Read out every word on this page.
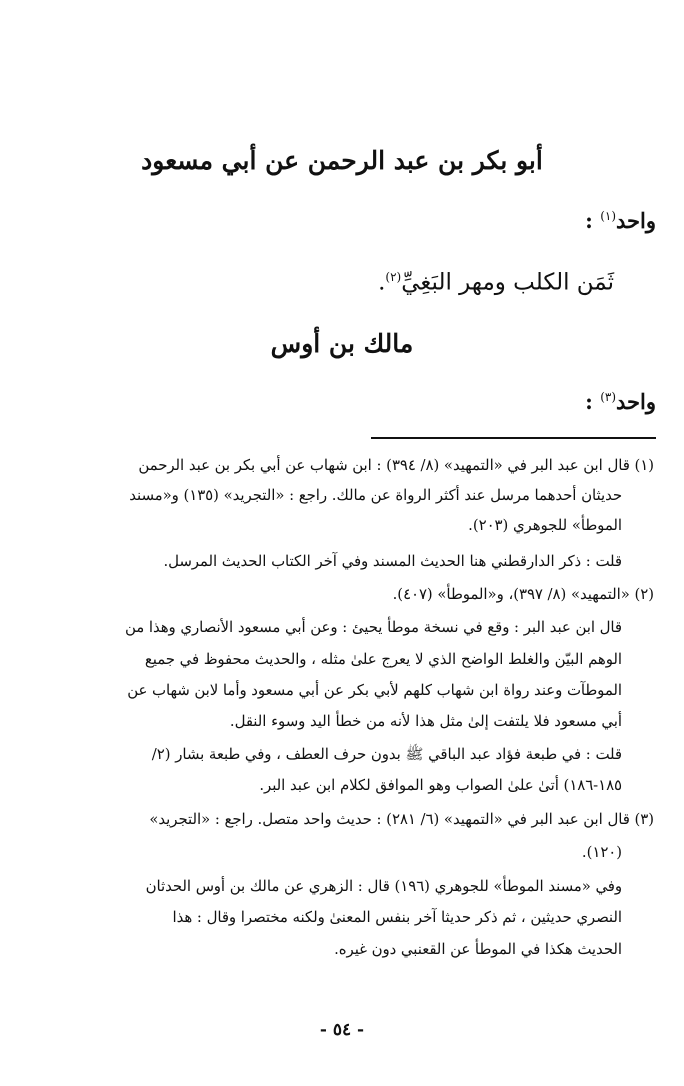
أبو بكر بن عبد الرحمن عن أبي مسعود
واحد$^{(١)}$ :
ثَمَن الكلب ومهر البَغِيِّ$^{(٢)}$.
مالك بن أوس
واحد$^{(٣)}$ :
(١) قال ابن عبد البر في «التمهيد» (٨/ ٣٩٤) : ابن شهاب عن أبي بكر بن عبد الرحمن
حديثان أحدهما مرسل عند أكثر الرواة عن مالك. راجع : «التجريد» (١٣٥) و«مسند
الموطأ» للجوهري (٢٠٣).
قلت : ذكر الدارقطني هنا الحديث المسند وفي آخر الكتاب الحديث المرسل.
(٢) «التمهيد» (٨/ ٣٩٧)، و«الموطأ» (٤٠٧).
قال ابن عبد البر : وقع في نسخة موطأ يحيئ : وعن أبي مسعود الأنصاري وهذا من
الوهم البيّن والغلط الواضح الذي لا يعرج علىٰ مثله ، والحديث محفوظ في جميع
الموطآت وعند رواة ابن شهاب كلهم لأبي بكر عن أبي مسعود وأما لابن شهاب عن
أبي مسعود فلا يلتفت إلىٰ مثل هذا لأنه من خطأ اليد وسوء النقل.
قلت : في طبعة فؤاد عبد الباقي ﷺ بدون حرف العطف ، وفي طبعة بشار (٢/
١٨٥-١٨٦) أتىٰ علىٰ الصواب وهو الموافق لكلام ابن عبد البر.
(٣) قال ابن عبد البر في «التمهيد» (٦/ ٢٨١) : حديث واحد متصل. راجع : «التجريد»
(١٢٠).
وفي «مسند الموطأ» للجوهري (١٩٦) قال : الزهري عن مالك بن أوس الحدثان
النصري حديثين ، ثم ذكر حديثا آخر بنفس المعنىٰ ولكنه مختصرا وقال : هذا
الحديث هكذا في الموطأ عن القعنبي دون غيره.
- ٥٤ -
